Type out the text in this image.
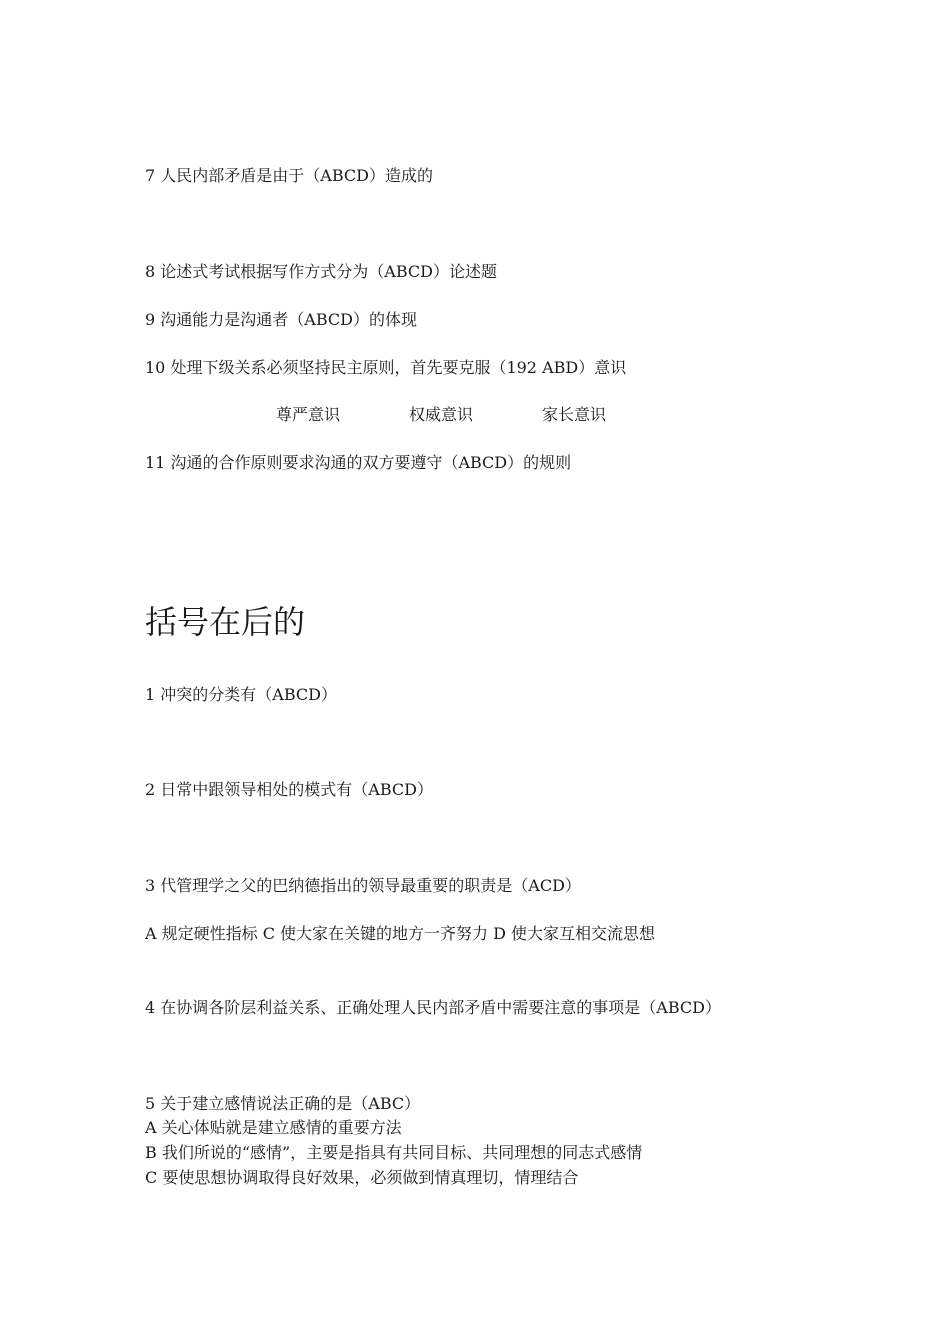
7 人民内部矛盾是由于（ABCD）造成的
8 论述式考试根据写作方式分为（ABCD）论述题
9 沟通能力是沟通者（ABCD）的体现
10 处理下级关系必须坚持民主原则，首先要克服（192 ABD）意识
尊严意识	权威意识	家长意识
11 沟通的合作原则要求沟通的双方要遵守（ABCD）的规则
括号在后的
1 冲突的分类有（ABCD）
2 日常中跟领导相处的模式有（ABCD）
3 代管理学之父的巴纳德指出的领导最重要的职责是（ACD）
A 规定硬性指标 C 使大家在关键的地方一齐努力 D 使大家互相交流思想
4 在协调各阶层利益关系、正确处理人民内部矛盾中需要注意的事项是（ABCD）
5 关于建立感情说法正确的是（ABC）
A 关心体贴就是建立感情的重要方法
B 我们所说的“感情”，主要是指具有共同目标、共同理想的同志式感情
C 要使思想协调取得良好效果，必须做到情真理切，情理结合
